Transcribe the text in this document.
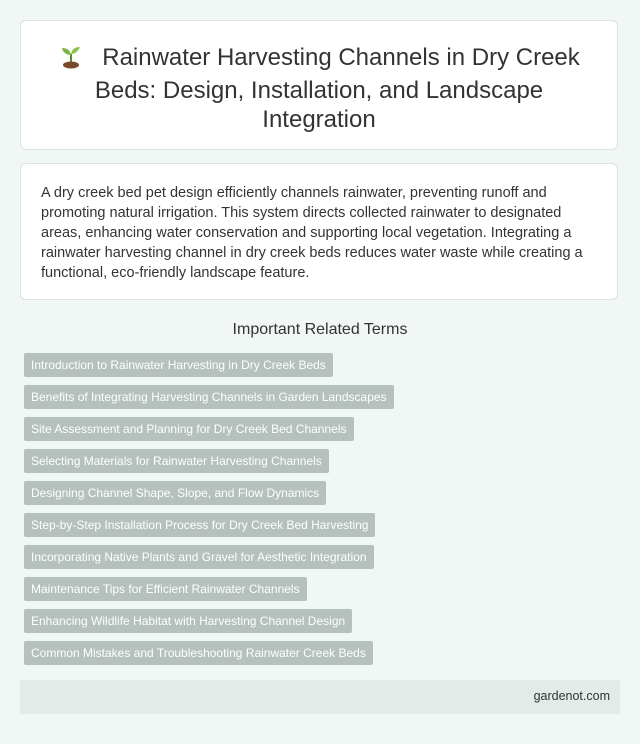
Rainwater Harvesting Channels in Dry Creek Beds: Design, Installation, and Landscape Integration

A dry creek bed pet design efficiently channels rainwater, preventing runoff and promoting natural irrigation. This system directs collected rainwater to designated areas, enhancing water conservation and supporting local vegetation. Integrating a rainwater harvesting channel in dry creek beds reduces water waste while creating a functional, eco-friendly landscape feature.

Important Related Terms
Introduction to Rainwater Harvesting in Dry Creek Beds
Benefits of Integrating Harvesting Channels in Garden Landscapes
Site Assessment and Planning for Dry Creek Bed Channels
Selecting Materials for Rainwater Harvesting Channels
Designing Channel Shape, Slope, and Flow Dynamics
Step-by-Step Installation Process for Dry Creek Bed Harvesting
Incorporating Native Plants and Gravel for Aesthetic Integration
Maintenance Tips for Efficient Rainwater Channels
Enhancing Wildlife Habitat with Harvesting Channel Design
Common Mistakes and Troubleshooting Rainwater Creek Beds
gardenot.com
